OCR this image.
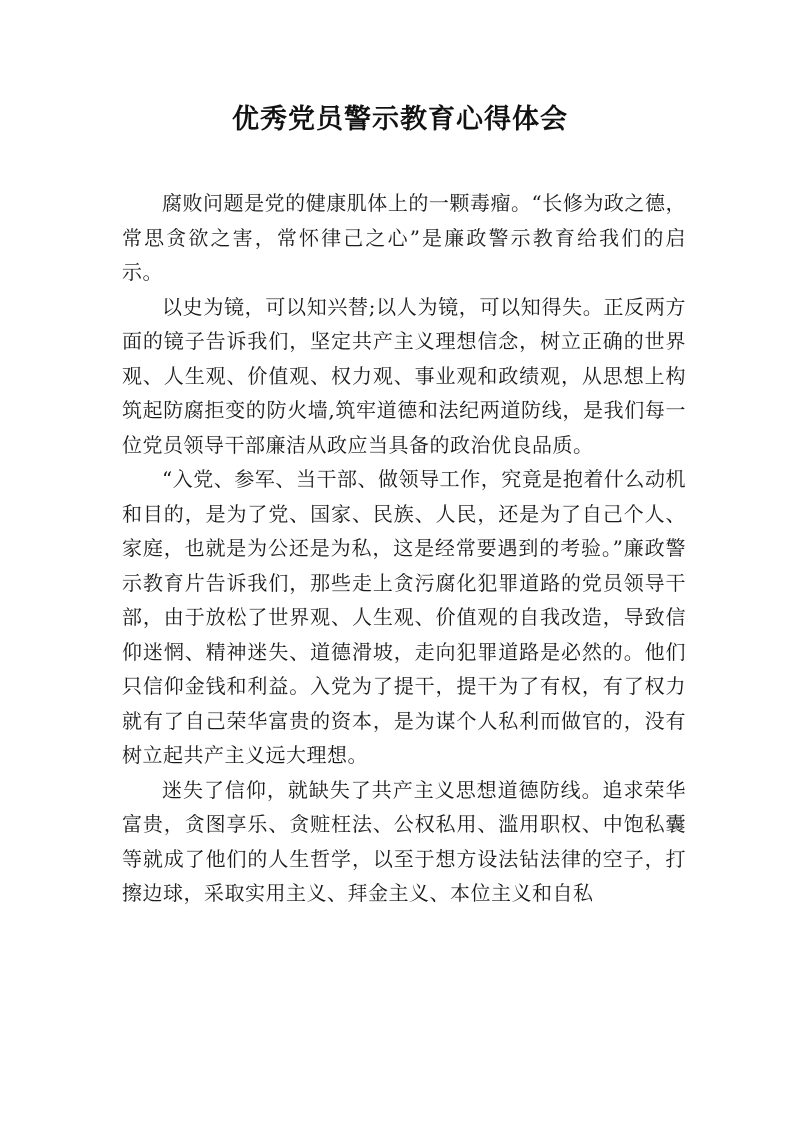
优秀党员警示教育心得体会

腐败问题是党的健康肌体上的一颗毒瘤。“长修为政之德，常思贪欲之害，常怀律己之心”是廉政警示教育给我们的启示。

以史为镜，可以知兴替;以人为镜，可以知得失。正反两方面的镜子告诉我们，坚定共产主义理想信念，树立正确的世界观、人生观、价值观、权力观、事业观和政绩观，从思想上构筑起防腐拒变的防火墙,筑牢道德和法纪两道防线，是我们每一位党员领导干部廉洁从政应当具备的政治优良品质。

“入党、参军、当干部、做领导工作，究竟是抱着什么动机和目的，是为了党、国家、民族、人民，还是为了自己个人、家庭，也就是为公还是为私，这是经常要遇到的考验。”廉政警示教育片告诉我们，那些走上贪污腐化犯罪道路的党员领导干部，由于放松了世界观、人生观、价值观的自我改造，导致信仰迷惘、精神迷失、道德滑坡，走向犯罪道路是必然的。他们只信仰金钱和利益。入党为了提干，提干为了有权，有了权力就有了自己荣华富贵的资本，是为谋个人私利而做官的，没有树立起共产主义远大理想。

迷失了信仰，就缺失了共产主义思想道德防线。追求荣华富贵，贪图享乐、贪赃枉法、公权私用、滥用职权、中饱私囊等就成了他们的人生哲学，以至于想方设法钻法律的空子，打擦边球，采取实用主义、拜金主义、本位主义和自私
